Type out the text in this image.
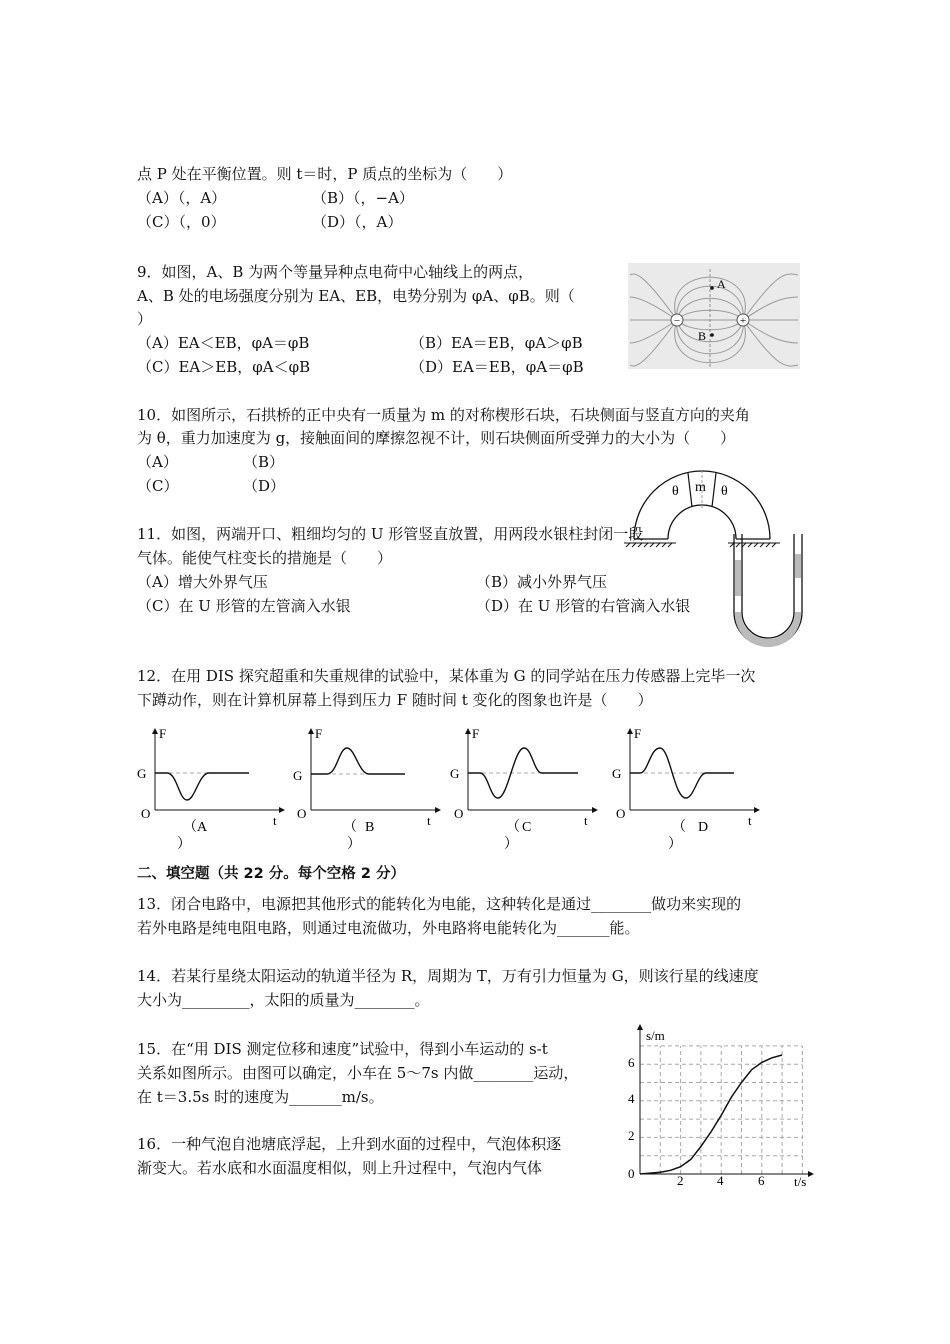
点 P 处在平衡位置。则 t＝时，P 质点的坐标为（　　）
（A）（，A）	（B）（，−A）
（C）（，0）	（D）（，A）
9．如图，A、B 为两个等量异种点电荷中心轴线上的两点，
A、B 处的电场强度分别为 EA、EB，电势分别为 φA、φB。则（
）
（A）EA＜EB，φA＝φB	（B）EA＝EB，φA＞φB
（C）EA＞EB，φA＜φB	（D）EA＝EB，φA＝φB
−	+
A
B
10．如图所示，石拱桥的正中央有一质量为 m 的对称楔形石块，石块侧面与竖直方向的夹角
为 θ，重力加速度为 g，接触面间的摩擦忽视不计，则石块侧面所受弹力的大小为（　　）
（A）	（B）
（C）	（D）	θ m θ
11．如图，两端开口、粗细均匀的 U 形管竖直放置，用两段水银柱封闭一段
气体。能使气柱变长的措施是（　　）
（A）增大外界气压	（B）减小外界气压
（C）在 U 形管的左管滴入水银	（D）在 U 形管的右管滴入水银
12．在用 DIS 探究超重和失重规律的试验中，某体重为 G 的同学站在压力传感器上完毕一次
下蹲动作，则在计算机屏幕上得到压力 F 随时间 t 变化的图象也许是（　　）
F
G
O	t
（ A
）
F
G
O	t
（ B
）
F
G
O	t
（ C
）
F
G
O	t
（ D
）
二、填空题（共 22 分。每个空格 2 分）
13．闭合电路中，电源把其他形式的能转化为电能，这种转化是通过________做功来实现的
若外电路是纯电阻电路，则通过电流做功，外电路将电能转化为_______能。
14．若某行星绕太阳运动的轨道半径为 R，周期为 T，万有引力恒量为 G，则该行星的线速度
大小为_________，太阳的质量为________。
15．在“用 DIS 测定位移和速度”试验中，得到小车运动的 s-t
关系如图所示。由图可以确定，小车在 5～7s 内做________运动，
在 t＝3.5s 时的速度为_______m/s。
16．一种气泡自池塘底浮起，上升到水面的过程中，气泡体积逐
渐变大。若水底和水面温度相似，则上升过程中，气泡内气体
s/m
t/s
0
2
4
6
2	4	6
